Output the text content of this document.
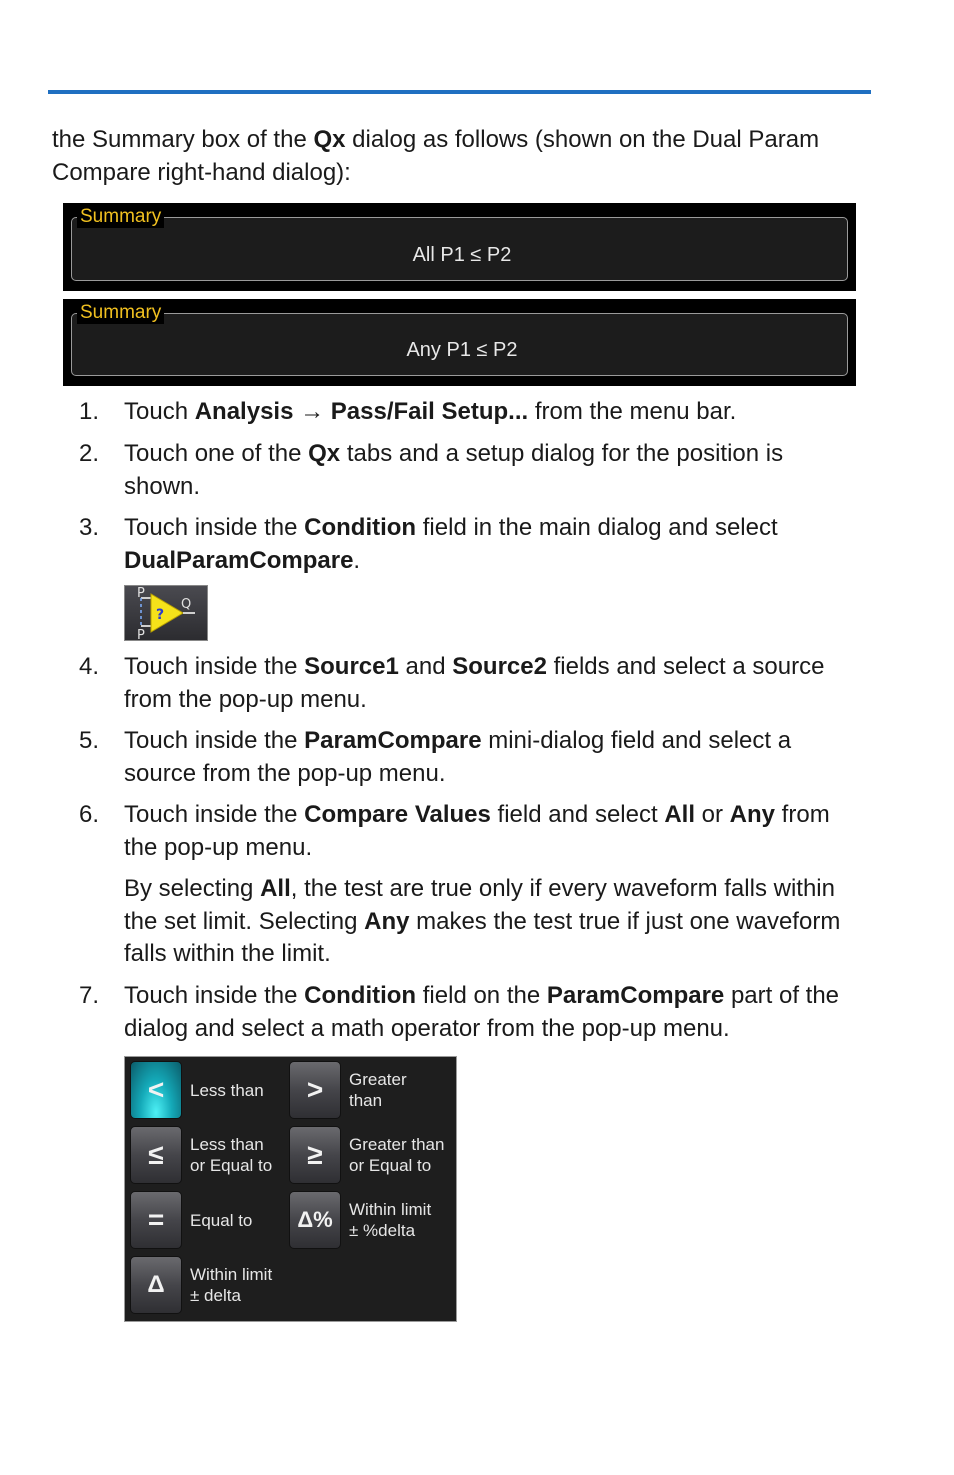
the Summary box of the Qx dialog as follows (shown on the Dual Param
Compare right-hand dialog):
Summary
All P1 ≤ P2
Summary
Any P1 ≤ P2
1. Touch Analysis → Pass/Fail Setup... from the menu bar.
2. Touch one of the Qx tabs and a setup dialog for the position is
shown.
3. Touch inside the Condition field in the main dialog and select
DualParamCompare.
P
P
Q
?
4. Touch inside the Source1 and Source2 fields and select a source
from the pop-up menu.
5. Touch inside the ParamCompare mini-dialog field and select a
source from the pop-up menu.
6. Touch inside the Compare Values field and select All or Any from
the pop-up menu.
By selecting All, the test are true only if every waveform falls within
the set limit. Selecting Any makes the test true if just one waveform
falls within the limit.
7. Touch inside the Condition field on the ParamCompare part of the
dialog and select a math operator from the pop-up menu.
<	Less than	>	Greater
than
≤	Less than
or Equal to	≥	Greater than
or Equal to
=	Equal to	Δ% Within limit
± %delta
Δ	Within limit
± delta
